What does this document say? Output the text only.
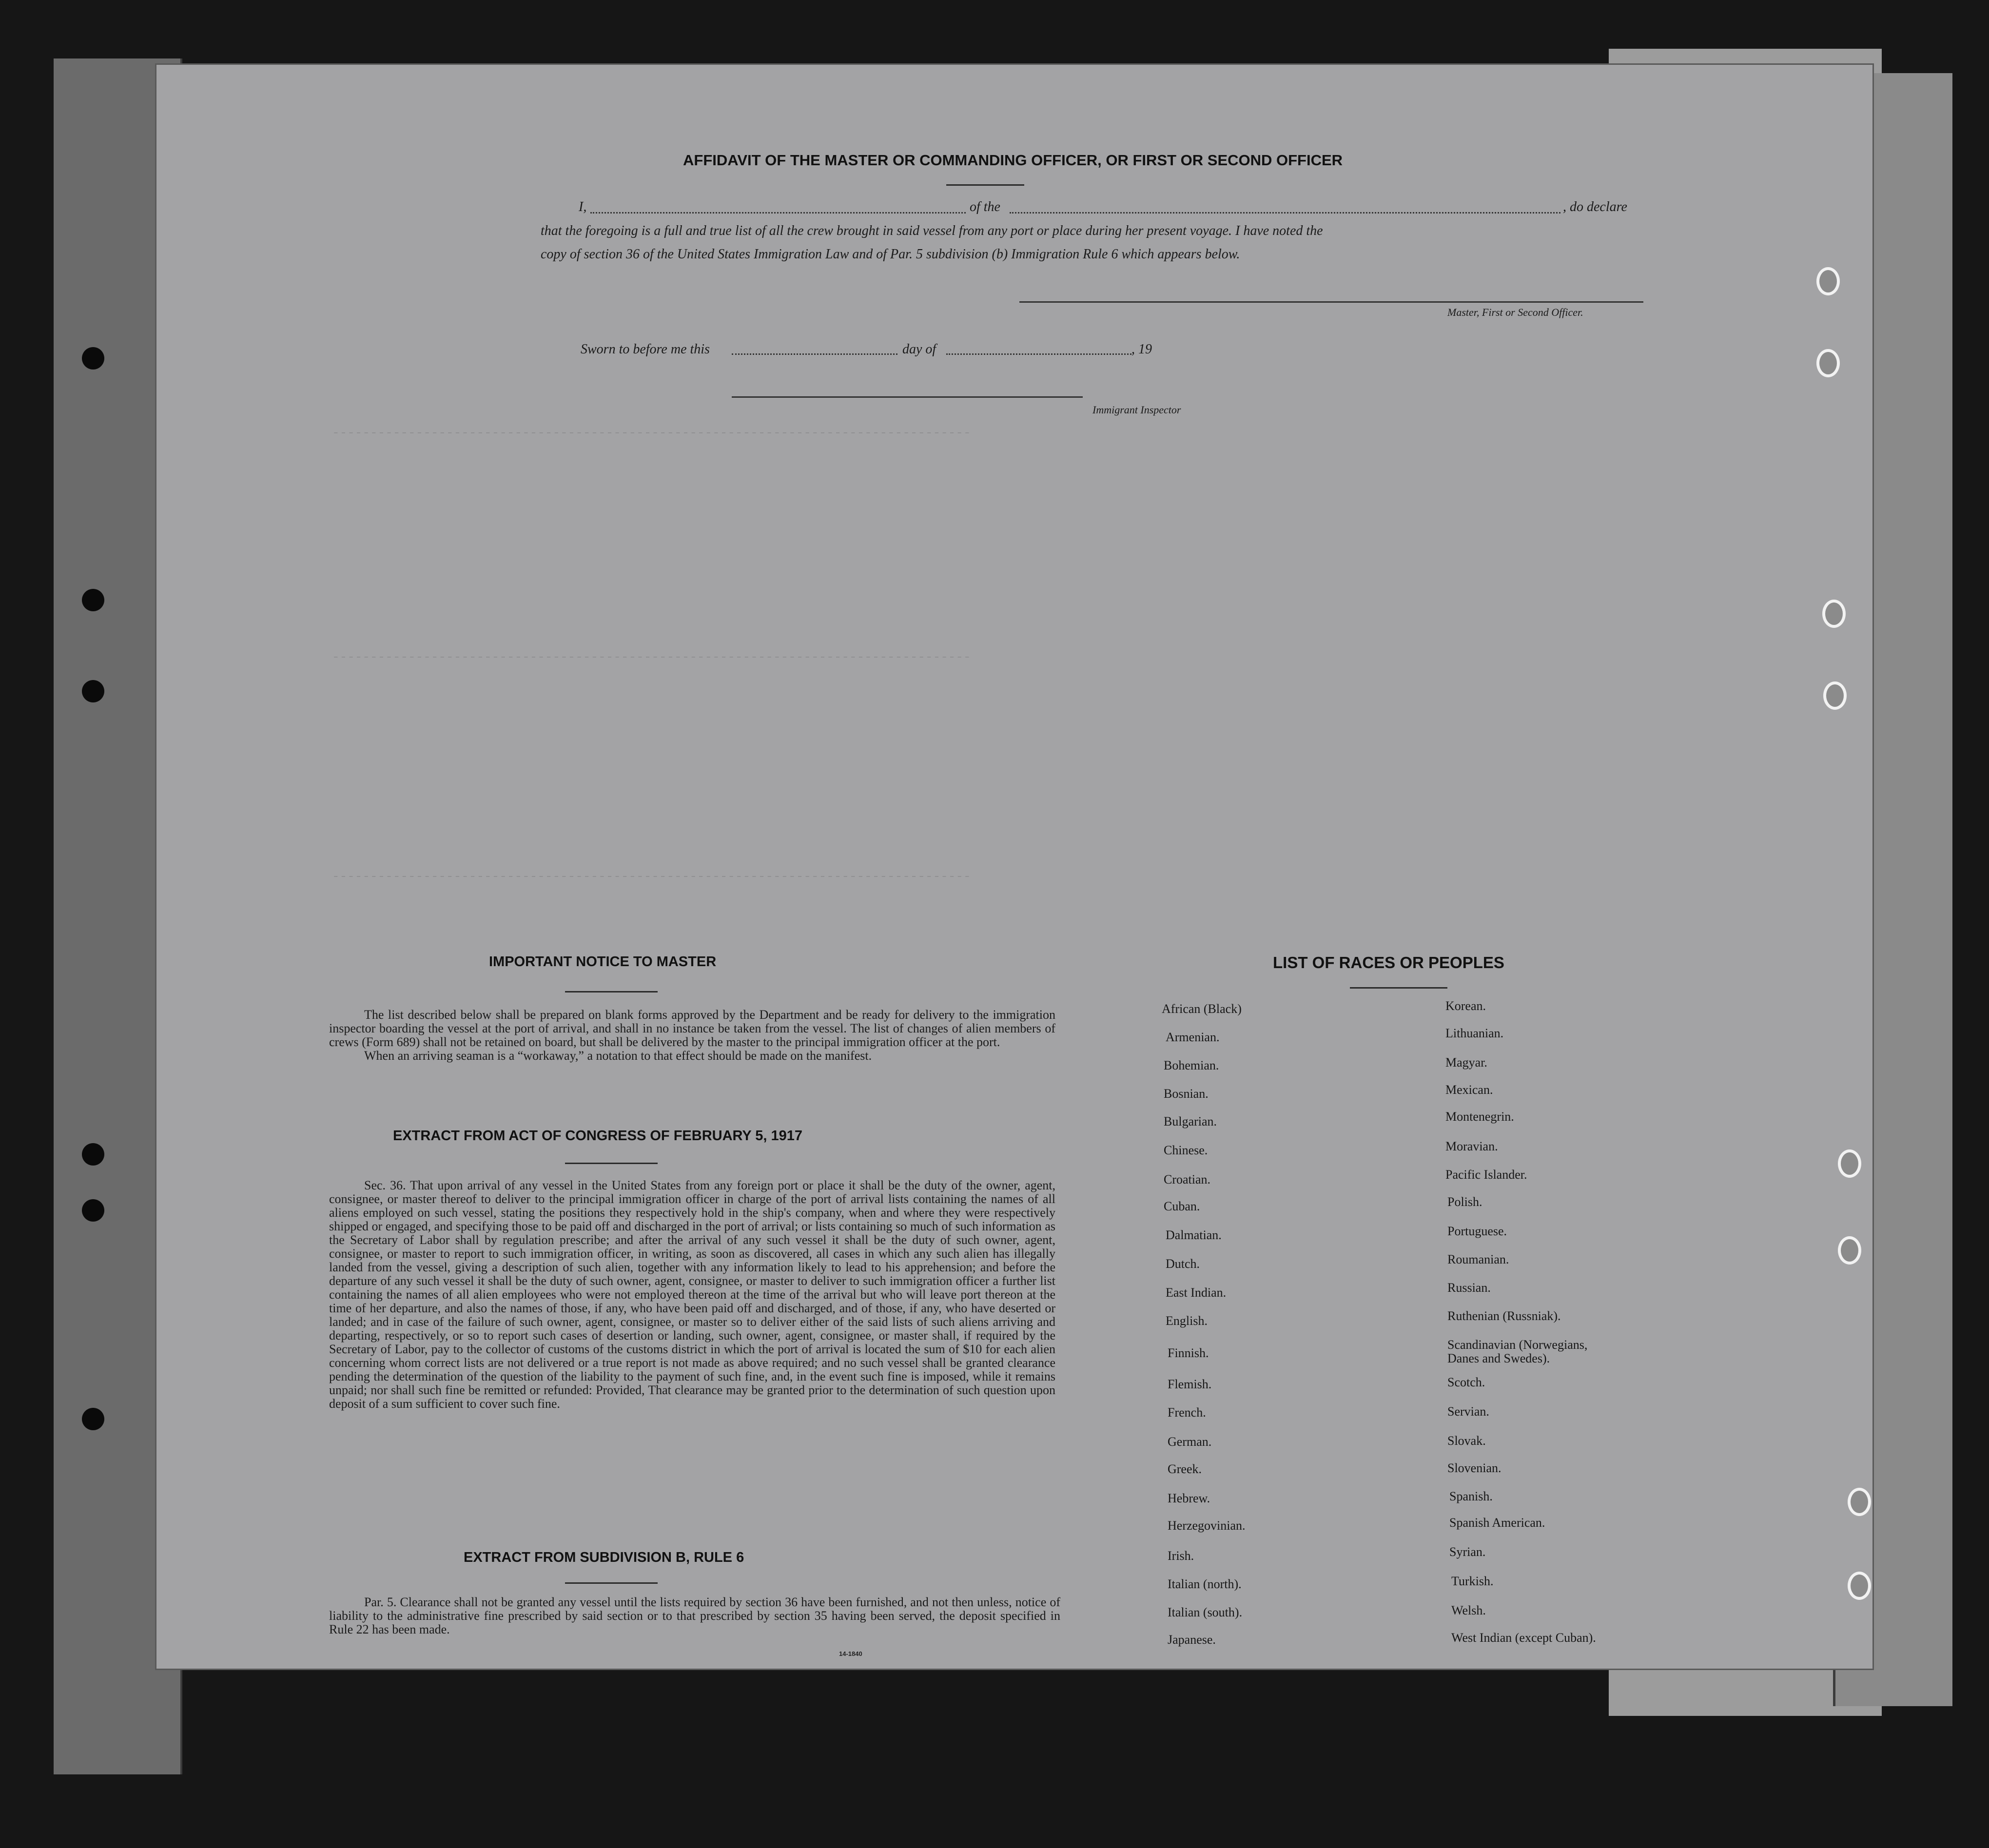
------------------------------------------------------------------------------------
------------------------------------------------------------------------------------
------------------------------------------------------------------------------------
AFFIDAVIT OF THE MASTER OR COMMANDING OFFICER, OR FIRST OR SECOND OFFICER
I,	of the	, do declare
that the foregoing is a full and true list of all the crew brought in said vessel from any port or place during her present voyage. I have noted the
copy of section 36 of the United States Immigration Law and of Par. 5 subdivision (b) Immigration Rule 6 which appears below.
Master, First or Second Officer.
Sworn to before me this	day of	, 19
Immigrant Inspector
IMPORTANT NOTICE TO MASTER

The list described below shall be prepared on blank forms approved by the Department and be ready for delivery to the immigration inspector boarding the vessel at the port of arrival, and shall in no instance be taken from the vessel. The list of changes of alien members of crews (Form 689) shall not be retained on board, but shall be delivered by the master to the principal immigration officer at the port.

When an arriving seaman is a “workaway,” a notation to that effect should be made on the manifest.

EXTRACT FROM ACT OF CONGRESS OF FEBRUARY 5, 1917

Sec. 36. That upon arrival of any vessel in the United States from any foreign port or place it shall be the duty of the owner, agent, consignee, or master thereof to deliver to the principal immigration officer in charge of the port of arrival lists containing the names of all aliens employed on such vessel, stating the positions they respectively hold in the ship's company, when and where they were respectively shipped or engaged, and specifying those to be paid off and discharged in the port of arrival; or lists containing so much of such information as the Secretary of Labor shall by regulation prescribe; and after the arrival of any such vessel it shall be the duty of such owner, agent, consignee, or master to report to such immigration officer, in writing, as soon as discovered, all cases in which any such alien has illegally landed from the vessel, giving a description of such alien, together with any information likely to lead to his apprehension; and before the departure of any such vessel it shall be the duty of such owner, agent, consignee, or master to deliver to such immigration officer a further list containing the names of all alien employees who were not employed thereon at the time of the arrival but who will leave port thereon at the time of her departure, and also the names of those, if any, who have been paid off and discharged, and of those, if any, who have deserted or landed; and in case of the failure of such owner, agent, consignee, or master so to deliver either of the said lists of such aliens arriving and departing, respectively, or so to report such cases of desertion or landing, such owner, agent, consignee, or master shall, if required by the Secretary of Labor, pay to the collector of customs of the customs district in which the port of arrival is located the sum of $10 for each alien concerning whom correct lists are not delivered or a true report is not made as above required; and no such vessel shall be granted clearance pending the determination of the question of the liability to the payment of such fine, and, in the event such fine is imposed, while it remains unpaid; nor shall such fine be remitted or refunded: Provided, That clearance may be granted prior to the determination of such question upon deposit of a sum sufficient to cover such fine.

EXTRACT FROM SUBDIVISION B, RULE 6

Par. 5. Clearance shall not be granted any vessel until the lists required by section 36 have been furnished, and not then unless, notice of liability to the administrative fine prescribed by said section or to that prescribed by section 35 having been served, the deposit specified in Rule 22 has been made.

14-1840
LIST OF RACES OR PEOPLES
African (Black)
Armenian.
Bohemian.
Bosnian.
Bulgarian.
Chinese.
Croatian.
Cuban.
Dalmatian.
Dutch.
East Indian.
English.
Finnish.
Flemish.
French.
German.
Greek.
Hebrew.
Herzegovinian.
Irish.
Italian (north).
Italian (south).
Japanese.
Korean.
Lithuanian.
Magyar.
Mexican.
Montenegrin.
Moravian.
Pacific Islander.
Polish.
Portuguese.
Roumanian.
Russian.
Ruthenian (Russniak).
Scandinavian (Norwegians, Danes and Swedes).
Scotch.
Servian.
Slovak.
Slovenian.
Spanish.
Spanish American.
Syrian.
Turkish.
Welsh.
West Indian (except Cuban).
